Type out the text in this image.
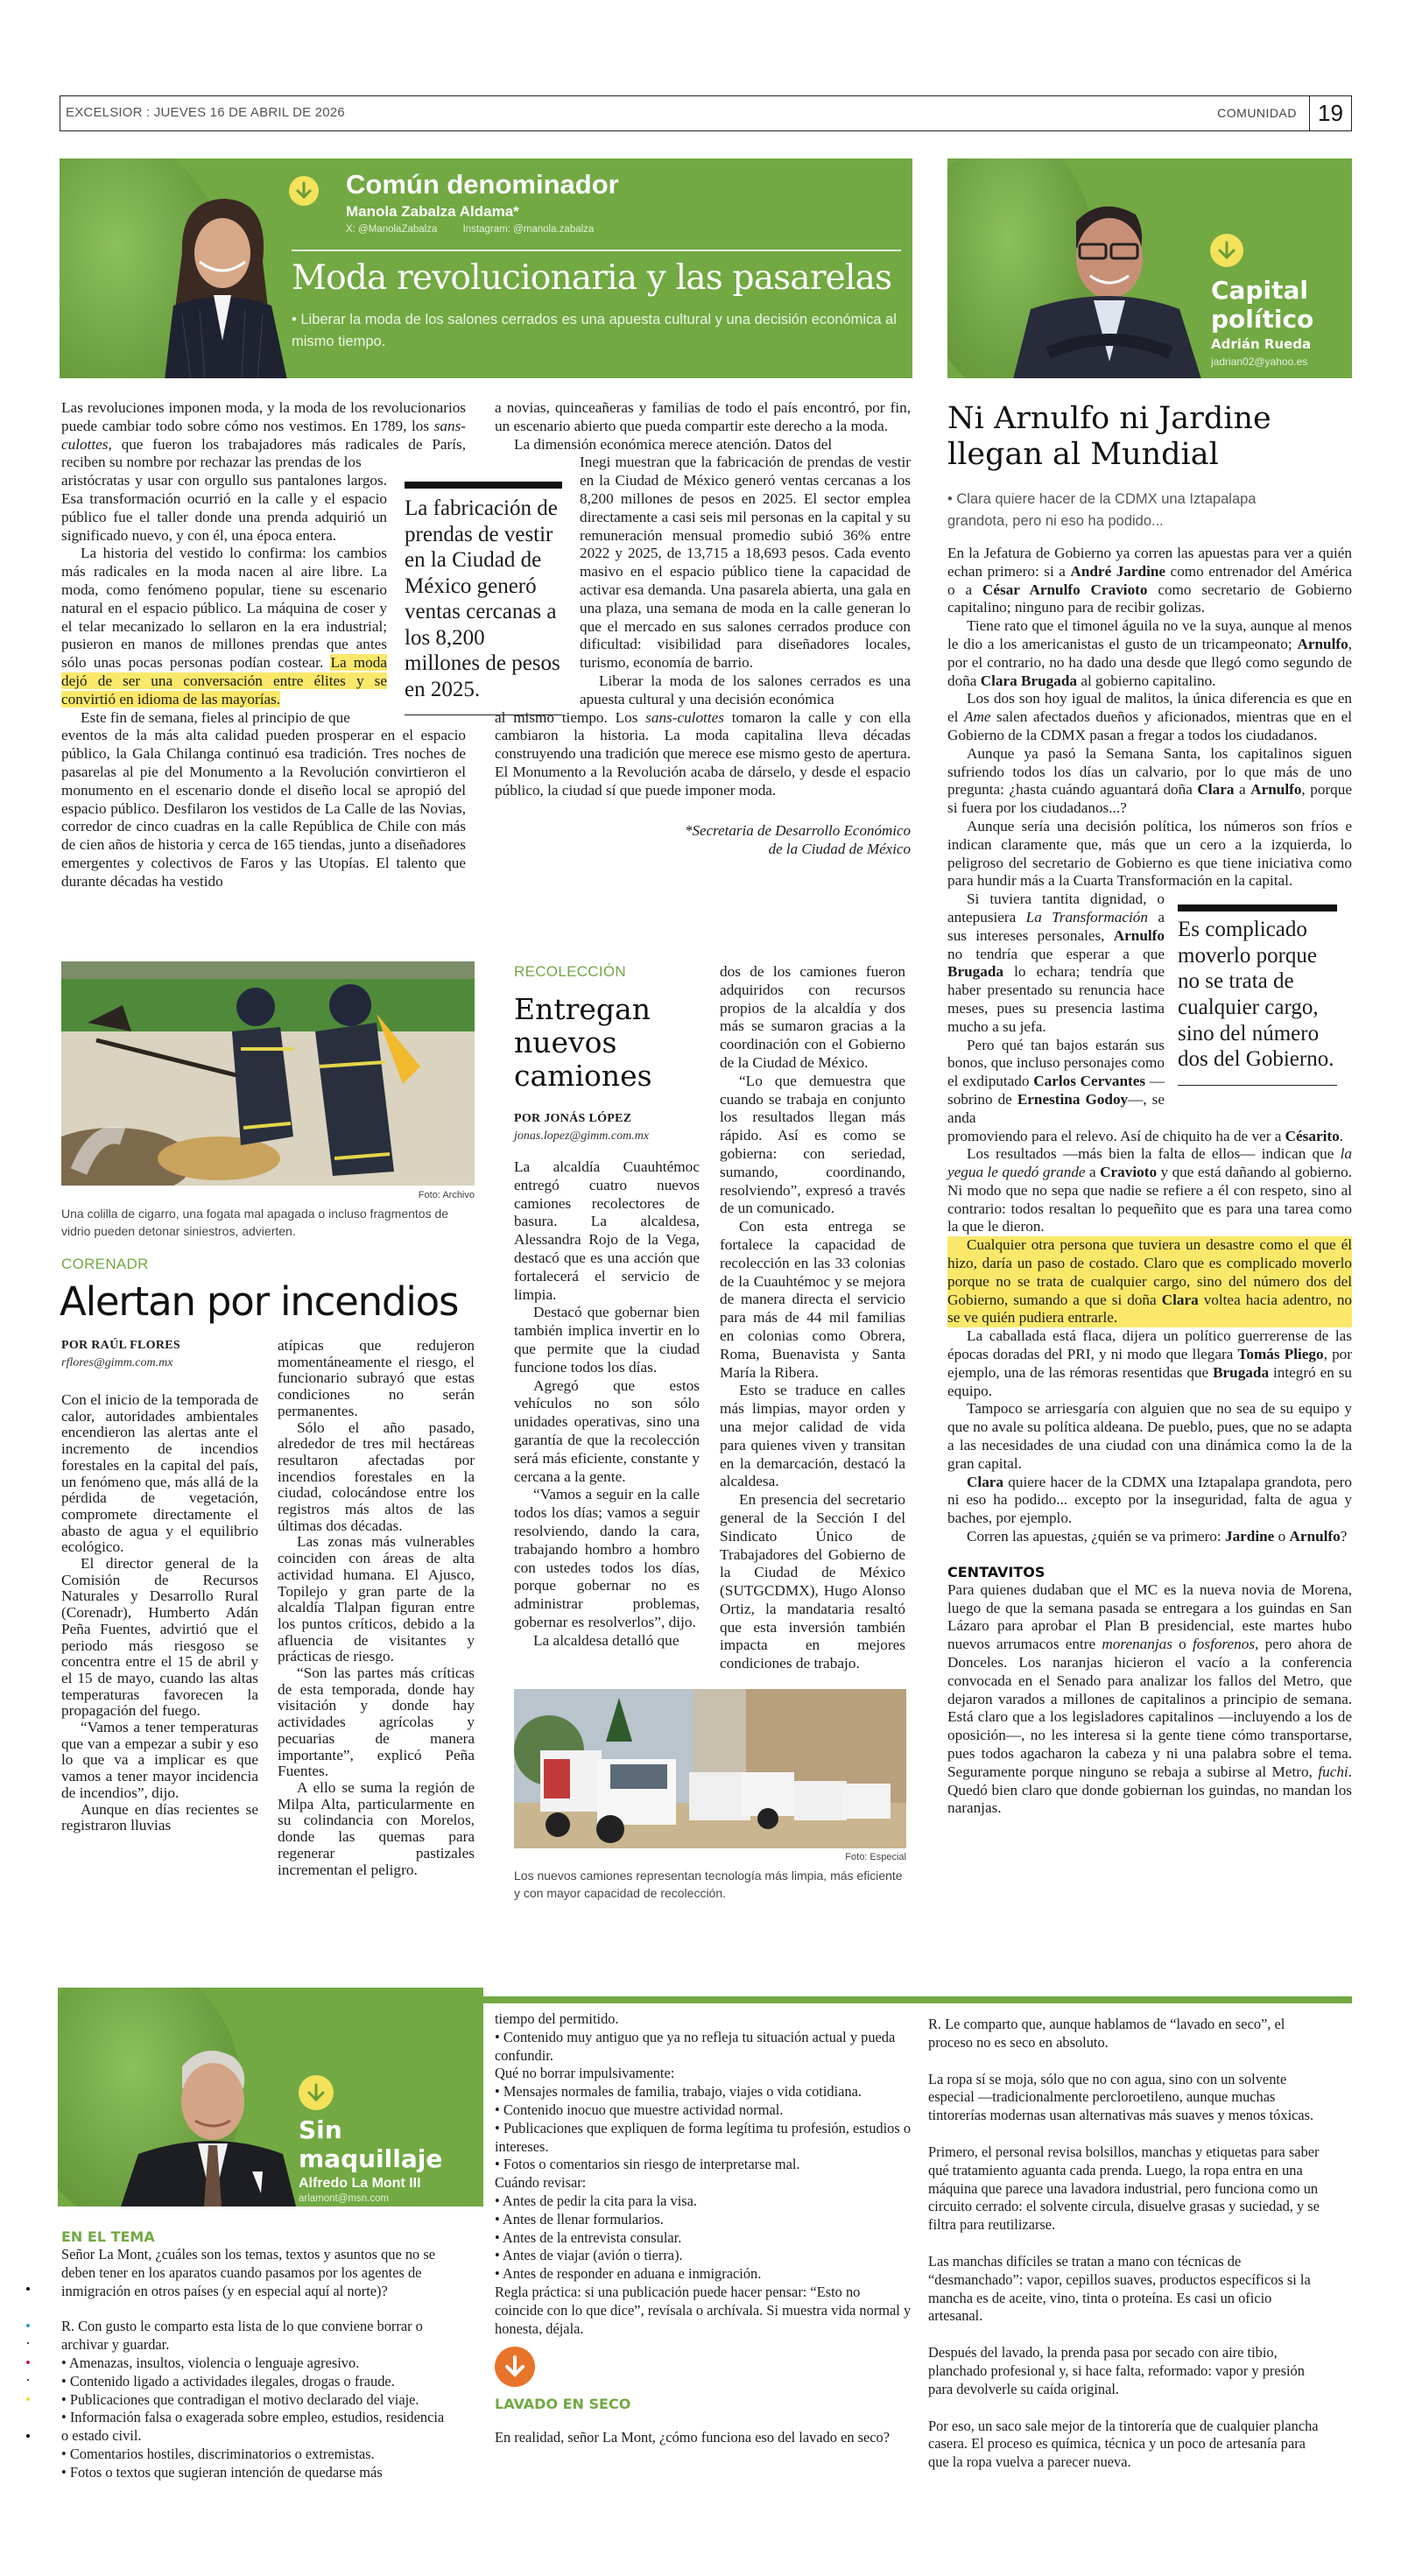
EXCELSIOR : JUEVES 16 DE ABRIL DE 2026	COMUNIDAD 19
Común denominador
Manola Zabalza Aldama*
X: @ManolaZabalza	Instagram: @manola.zabalza
Moda revolucionaria y las pasarelas
• Liberar la moda de los salones cerrados es una apuesta cultural y una decisión económica al mismo tiempo.
Capital político
Adrián Rueda
jadrian02@yahoo.es

Las revoluciones imponen moda, y la moda de los revolucionarios puede cambiar todo sobre cómo nos vestimos. En 1789, los sans-culottes, que fueron los trabajadores más radicales de París, reciben su nombre por rechazar las prendas de los

aristócratas y usar con orgullo sus pantalones largos. Esa transformación ocurrió en la calle y el espacio público fue el taller donde una prenda adquirió un significado nuevo, y con él, una época entera.

La historia del vestido lo confirma: los cambios más radicales en la moda nacen al aire libre. La moda, como fenómeno popular, tiene su escenario natural en el espacio público. La máquina de coser y el telar mecanizado lo sellaron en la era industrial; pusieron en manos de millones prendas que antes sólo unas pocas personas podían costear. La moda dejó de ser una conversación entre élites y se convirtió en idioma de las mayorías.

Este fin de semana, fieles al principio de que

eventos de la más alta calidad pueden prosperar en el espacio público, la Gala Chilanga continuó esa tradición. Tres noches de pasarelas al pie del Monumento a la Revolución convirtieron el monumento en el escenario donde el diseño local se apropió del espacio público. Desfilaron los vestidos de La Calle de las Novias, corredor de cinco cuadras en la calle República de Chile con más de cien años de historia y cerca de 165 tiendas, junto a diseñadores emergentes y colectivos de Faros y las Utopías. El talento que durante décadas ha vestido

La fabricación de prendas de vestir en la Ciudad de México generó ventas cercanas a los 8,200 millones de pesos en 2025.

a novias, quinceañeras y familias de todo el país encontró, por fin, un escenario abierto que pueda compartir este derecho a la moda.

La dimensión económica merece atención. Datos del

Inegi muestran que la fabricación de prendas de vestir en la Ciudad de México generó ventas cercanas a los 8,200 millones de pesos en 2025. El sector emplea directamente a casi seis mil personas en la capital y su remuneración mensual promedio subió 36% entre 2022 y 2025, de 13,715 a 18,693 pesos. Cada evento masivo en el espacio público tiene la capacidad de activar esa demanda. Una pasarela abierta, una gala en una plaza, una semana de moda en la calle generan lo que el mercado en sus salones cerrados produce con dificultad: visibilidad para diseñadores locales, turismo, economía de barrio.

Liberar la moda de los salones cerrados es una apuesta cultural y una decisión económica

al mismo tiempo. Los sans-culottes tomaron la calle y con ella cambiaron la historia. La moda capitalina lleva décadas construyendo una tradición que merece ese mismo gesto de apertura. El Monumento a la Revolución acaba de dárselo, y desde el espacio público, la ciudad sí que puede imponer moda.

*Secretaria de Desarrollo Económico
de la Ciudad de México
Ni Arnulfo ni Jardine llegan al Mundial
• Clara quiere hacer de la CDMX una Iztapalapa grandota, pero ni eso ha podido...

En la Jefatura de Gobierno ya corren las apuestas para ver a quién echan primero: si a André Jardine como entrenador del América o a César Arnulfo Cravioto como secretario de Gobierno capitalino; ninguno para de recibir golizas.

Tiene rato que el timonel águila no ve la suya, aunque al menos le dio a los americanistas el gusto de un tricampeonato; Arnulfo, por el contrario, no ha dado una desde que llegó como segundo de doña Clara Brugada al gobierno capitalino.

Los dos son hoy igual de malitos, la única diferencia es que en el Ame salen afectados dueños y aficionados, mientras que en el Gobierno de la CDMX pasan a fregar a todos los ciudadanos.

Aunque ya pasó la Semana Santa, los capitalinos siguen sufriendo todos los días un calvario, por lo que más de uno pregunta: ¿hasta cuándo aguantará doña Clara a Arnulfo, porque si fuera por los ciudadanos...?

Aunque sería una decisión política, los números son fríos e indican claramente que, más que un cero a la izquierda, lo peligroso del secretario de Gobierno es que tiene iniciativa como para hundir más a la Cuarta Transformación en la capital.

Si tuviera tantita dignidad, o antepusiera La Transformación a sus intereses personales, Arnulfo no tendría que esperar a que Brugada lo echara; tendría que haber presentado su renuncia hace meses, pues su presencia lastima mucho a su jefa.

Pero qué tan bajos estarán sus bonos, que incluso personajes como el exdiputado Carlos Cervantes —sobrino de Ernestina Godoy—, se anda

Es complicado moverlo porque no se trata de cualquier cargo, sino del número dos del Gobierno.

promoviendo para el relevo. Así de chiquito ha de ver a Césarito.

Los resultados —más bien la falta de ellos— indican que la yegua le quedó grande a Cravioto y que está dañando al gobierno. Ni modo que no sepa que nadie se refiere a él con respeto, sino al contrario: todos resaltan lo pequeñito que es para una tarea como la que le dieron.

Cualquier otra persona que tuviera un desastre como el que él hizo, daría un paso de costado. Claro que es complicado moverlo porque no se trata de cualquier cargo, sino del número dos del Gobierno, sumando a que si doña Clara voltea hacia adentro, no se ve quién pudiera entrarle.

La caballada está flaca, dijera un político guerrerense de las épocas doradas del PRI, y ni modo que llegara Tomás Pliego, por ejemplo, una de las rémoras resentidas que Brugada integró en su equipo.

Tampoco se arriesgaría con alguien que no sea de su equipo y que no avale su política aldeana. De pueblo, pues, que no se adapta a las necesidades de una ciudad con una dinámica como la de la gran capital.

Clara quiere hacer de la CDMX una Iztapalapa grandota, pero ni eso ha podido... excepto por la inseguridad, falta de agua y baches, por ejemplo.

Corren las apuestas, ¿quién se va primero: Jardine o Arnulfo?

CENTAVITOS

Para quienes dudaban que el MC es la nueva novia de Morena, luego de que la semana pasada se entregara a los guindas en San Lázaro para aprobar el Plan B presidencial, este martes hubo nuevos arrumacos entre morenanjas o fosforenos, pero ahora de Donceles. Los naranjas hicieron el vacío a la conferencia convocada en el Senado para analizar los fallos del Metro, que dejaron varados a millones de capitalinos a principio de semana. Está claro que a los legisladores capitalinos —incluyendo a los de oposición—, no les interesa si la gente tiene cómo transportarse, pues todos agacharon la cabeza y ni una palabra sobre el tema. Seguramente porque ninguno se rebaja a subirse al Metro, fuchi. Quedó bien claro que donde gobiernan los guindas, no mandan los naranjas.

Foto: Archivo
Una colilla de cigarro, una fogata mal apagada o incluso fragmentos de vidrio pueden detonar siniestros, advierten.
CORENADR
Alertan por incendios
POR RAÚL FLORES
rflores@gimm.com.mx

Con el inicio de la temporada de calor, autoridades ambientales encendieron las alertas ante el incremento de incendios forestales en la capital del país, un fenómeno que, más allá de la pérdida de vegetación, compromete directamente el abasto de agua y el equilibrio ecológico.

El director general de la Comisión de Recursos Naturales y Desarrollo Rural (Corenadr), Humberto Adán Peña Fuentes, advirtió que el periodo más riesgoso se concentra entre el 15 de abril y el 15 de mayo, cuando las altas temperaturas favorecen la propagación del fuego.

“Vamos a tener temperaturas que van a empezar a subir y eso lo que va a implicar es que vamos a tener mayor incidencia de incendios”, dijo.

Aunque en días recientes se registraron lluvias

atípicas que redujeron momentáneamente el riesgo, el funcionario subrayó que estas condiciones no serán permanentes.

Sólo el año pasado, alrededor de tres mil hectáreas resultaron afectadas por incendios forestales en la ciudad, colocándose entre los registros más altos de las últimas dos décadas.

Las zonas más vulnerables coinciden con áreas de alta actividad humana. El Ajusco, Topilejo y gran parte de la alcaldía Tlalpan figuran entre los puntos críticos, debido a la afluencia de visitantes y prácticas de riesgo.

“Son las partes más críticas de esta temporada, donde hay visitación y donde hay actividades agrícolas y pecuarias de manera importante”, explicó Peña Fuentes.

A ello se suma la región de Milpa Alta, particularmente en su colindancia con Morelos, donde las quemas para regenerar pastizales incrementan el peligro.

RECOLECCIÓN
Entregan nuevos camiones
POR JONÁS LÓPEZ
jonas.lopez@gimm.com.mx

La alcaldía Cuauhtémoc entregó cuatro nuevos camiones recolectores de basura. La alcaldesa, Alessandra Rojo de la Vega, destacó que es una acción que fortalecerá el servicio de limpia.

Destacó que gobernar bien también implica invertir en lo que permite que la ciudad funcione todos los días.

Agregó que estos vehículos no son sólo unidades operativas, sino una garantía de que la recolección será más eficiente, constante y cercana a la gente.

“Vamos a seguir en la calle todos los días; vamos a seguir resolviendo, dando la cara, trabajando hombro a hombro con ustedes todos los días, porque gobernar no es administrar problemas, gobernar es resolverlos”, dijo.

La alcaldesa detalló que

dos de los camiones fueron adquiridos con recursos propios de la alcaldía y dos más se sumaron gracias a la coordinación con el Gobierno de la Ciudad de México.

“Lo que demuestra que cuando se trabaja en conjunto los resultados llegan más rápido. Así es como se gobierna: con seriedad, sumando, coordinando, resolviendo”, expresó a través de un comunicado.

Con esta entrega se fortalece la capacidad de recolección en las 33 colonias de la Cuauhtémoc y se mejora de manera directa el servicio para más de 44 mil familias en colonias como Obrera, Roma, Buenavista y Santa María la Ribera.

Esto se traduce en calles más limpias, mayor orden y una mejor calidad de vida para quienes viven y transitan en la demarcación, destacó la alcaldesa.

En presencia del secretario general de la Sección I del Sindicato Único de Trabajadores del Gobierno de la Ciudad de México (SUTGCDMX), Hugo Alonso Ortiz, la mandataria resaltó que esta inversión también impacta en mejores condiciones de trabajo.

Foto: Especial
Los nuevos camiones representan tecnología más limpia, más eficiente y con mayor capacidad de recolección.
Sin
maquillaje
Alfredo La Mont III
arlamont@msn.com
EN EL TEMA

Señor La Mont, ¿cuáles son los temas, textos y asuntos que no se deben tener en los aparatos cuando pasamos por los agentes de inmigración en otros países (y en especial aquí al norte)?

R. Con gusto le comparto esta lista de lo que conviene borrar o archivar y guardar.

• Amenazas, insultos, violencia o lenguaje agresivo.

• Contenido ligado a actividades ilegales, drogas o fraude.

• Publicaciones que contradigan el motivo declarado del viaje.

• Información falsa o exagerada sobre empleo, estudios, residencia o estado civil.

• Comentarios hostiles, discriminatorios o extremistas.

• Fotos o textos que sugieran intención de quedarse más

tiempo del permitido.

• Contenido muy antiguo que ya no refleja tu situación actual y pueda confundir.

Qué no borrar impulsivamente:

• Mensajes normales de familia, trabajo, viajes o vida cotidiana.

• Contenido inocuo que muestre actividad normal.

• Publicaciones que expliquen de forma legítima tu profesión, estudios o intereses.

• Fotos o comentarios sin riesgo de interpretarse mal.

Cuándo revisar:

• Antes de pedir la cita para la visa.

• Antes de llenar formularios.

• Antes de la entrevista consular.

• Antes de viajar (avión o tierra).

• Antes de responder en aduana e inmigración.

Regla práctica: si una publicación puede hacer pensar: “Esto no coincide con lo que dice”, revísala o archívala. Si muestra vida normal y honesta, déjala.

LAVADO EN SECO
En realidad, señor La Mont, ¿cómo funciona eso del lavado en seco?

R. Le comparto que, aunque hablamos de “lavado en seco”, el proceso no es seco en absoluto.

La ropa sí se moja, sólo que no con agua, sino con un solvente especial —tradicionalmente percloroetileno, aunque muchas tintorerías modernas usan alternativas más suaves y menos tóxicas.

Primero, el personal revisa bolsillos, manchas y etiquetas para saber qué tratamiento aguanta cada prenda. Luego, la ropa entra en una máquina que parece una lavadora industrial, pero funciona como un circuito cerrado: el solvente circula, disuelve grasas y suciedad, y se filtra para reutilizarse.

Las manchas difíciles se tratan a mano con técnicas de “desmanchado”: vapor, cepillos suaves, productos específicos si la mancha es de aceite, vino, tinta o proteína. Es casi un oficio artesanal.

Después del lavado, la prenda pasa por secado con aire tibio, planchado profesional y, si hace falta, reformado: vapor y presión para devolverle su caída original.

Por eso, un saco sale mejor de la tintorería que de cualquier plancha casera. El proceso es química, técnica y un poco de artesanía para que la ropa vuelva a parecer nueva.
